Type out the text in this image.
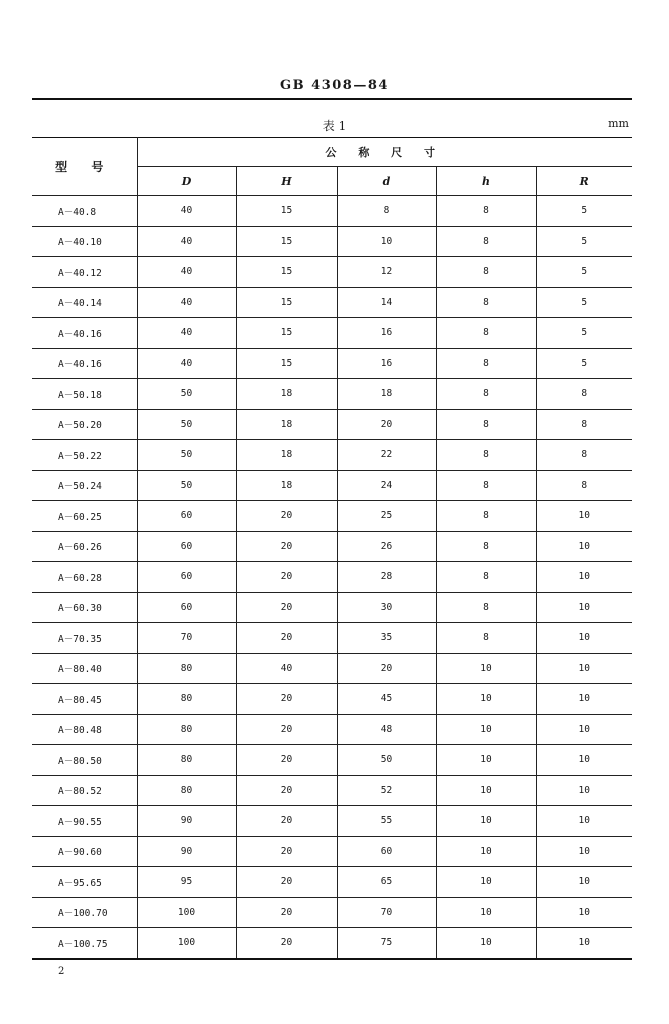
GB 4308—84
表 1	mm
型 号	公 称 尺 寸				
	D	H	d	h	R
A－40.8	40	15	8	8	5
A－40.10	40	15	10	8	5
A－40.12	40	15	12	8	5
A－40.14	40	15	14	8	5
A－40.16	40	15	16	8	5
A－40.16	40	15	16	8	5
A－50.18	50	18	18	8	8
A－50.20	50	18	20	8	8
A－50.22	50	18	22	8	8
A－50.24	50	18	24	8	8
A－60.25	60	20	25	8	10
A－60.26	60	20	26	8	10
A－60.28	60	20	28	8	10
A－60.30	60	20	30	8	10
A－70.35	70	20	35	8	10
A－80.40	80	40	20	10	10
A－80.45	80	20	45	10	10
A－80.48	80	20	48	10	10
A－80.50	80	20	50	10	10
A－80.52	80	20	52	10	10
A－90.55	90	20	55	10	10
A－90.60	90	20	60	10	10
A－95.65	95	20	65	10	10
A－100.70	100	20	70	10	10
A－100.75	100	20	75	10	10
2
